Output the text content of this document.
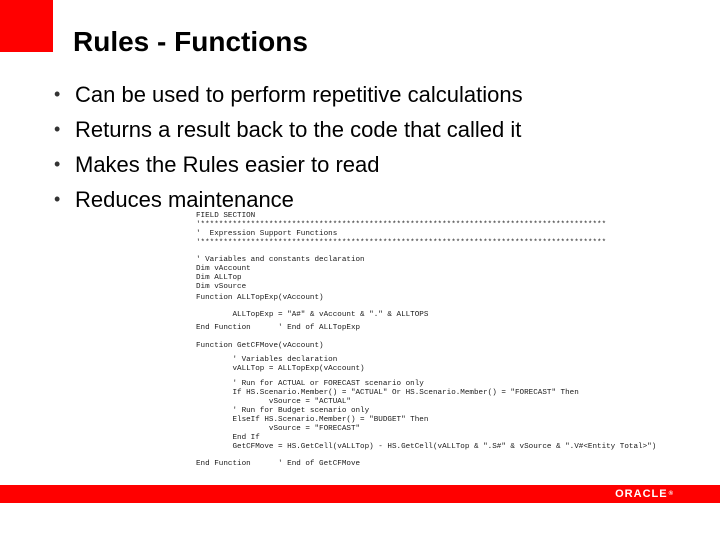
Rules - Functions
• Can be used to perform repetitive calculations
• Returns a result back to the code that called it
• Makes the Rules easier to read
• Reduces maintenance
FIELD SECTION
'*****************************************************************************************
'  Expression Support Functions
'*****************************************************************************************
' Variables and constants declaration
Dim vAccount
Dim ALLTop
Dim vSource
Function ALLTopExp(vAccount)
ALLTopExp = "A#" & vAccount & "." & ALLTOPS
End Function      ' End of ALLTopExp
Function GetCFMove(vAccount)
' Variables declaration
vALLTop = ALLTopExp(vAccount)
' Run for ACTUAL or FORECAST scenario only
If HS.Scenario.Member() = "ACTUAL" Or HS.Scenario.Member() = "FORECAST" Then
vSource = "ACTUAL"
' Run for Budget scenario only
ElseIf HS.Scenario.Member() = "BUDGET" Then
vSource = "FORECAST"
End If
GetCFMove = HS.GetCell(vALLTop) - HS.GetCell(vALLTop & ".S#" & vSource & ".V#<Entity Total>")
End Function      ' End of GetCFMove
ORACLE®
